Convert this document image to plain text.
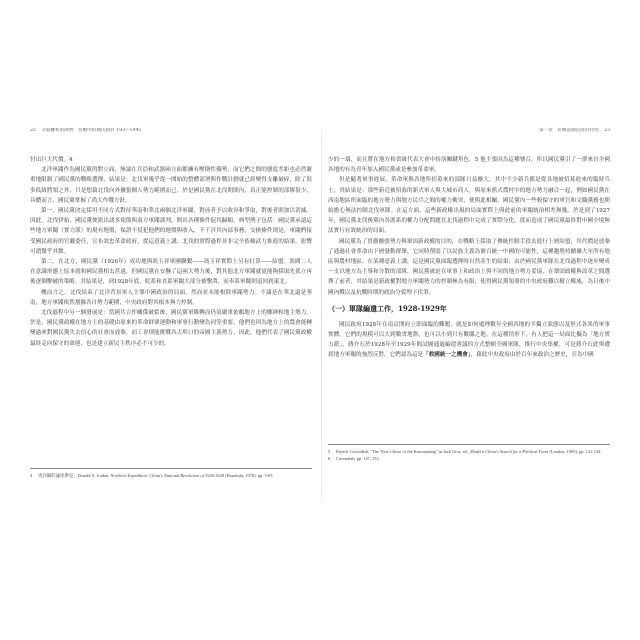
22 分崩離析的陣營：抗戰中的國民政府 1937-1945

付出巨大代價。4

北洋軍閥作為國民黨的對立面，無論在兵員和武器兩方面都擁有壓倒性優勢，而它們之間的態度差距也必然嚴重地限制了國民黨的戰略選擇，結果是：北伐軍幾乎從一開始的整體部署與作戰計劃就已經變得支離破碎，除了很多低級將領之外，只是想藉北伐向外擴張個人勢力範圍而已。於是國民黨在北伐期間內，真正能控制的部隊很少，具體而言，國民黨掌握了尚大作戰方針。

第一，國民黨決定採用不同方式對待華南和華北兩個北洋軍閥，對前者予以收容和爭取，對後者則加以消滅。因此，北伐伊始，國民黨便派出諸多使節與南方軍閥談判，開出各種條件促其歸順，典型例子包括：國民黨承認這些地方軍閥（實力派）的現有地盤，保證不侵犯他們的地盤與收入，不干涉其內部事務，交換條件則是，軍閥們接受國民政府的官職委任，宣布效忠革命政府，從這意義上講，北伐的實際過程並非完全依賴武力推進的結果，影響可謂微乎其微。

第二，在北方，國民黨（1926年）成功地與馮玉祥軍團聯繫——馮玉祥實際上另有打算——結盟。馮閻二人在意識形態上原本就和國民黨相去甚遠，但國民黨在安撫了這兩大勢力後，對其他北方軍閥就更能夠採取先孤立再後逐個擊破的策略。其結果是，到1928年底，皖系和直系軍閥大部分被擊潰，而奉系軍閥則退回到東北。

概而言之，北伐結束了北洋背景軍人主導中國政治的局面，然而並未能根除軍閥勢力。不論是在華北還是華南，地方軍閥依然割據各自勢力範圍，中央政府對其根本無力控制。

北伐過程中另一個發展是：當國共合作關係破裂後，國民黨軍隊轉而仍須嚴重依賴地方上的鄉紳和地主勢力。於是，國民黨政權在地方上的基礎由原來的革命群眾運動和軍事行動變為同等重要，他們也因為地方上的農會能轉變過來對國民黨失去信心的社會而放棄，而工會則能挑戰各大埠口的帝國主義勢力，因此，他們代表了國民黨政權最終走向保守的命運，也是建立新民主秩序必不可少的。

4 更詳細的論述參見：Donald A. Jordan, Northern Expedition: China's National Revolution of 1926-1928 (Honolulu, 1976), pp. 3-65.

第一章　抗戰前國民政府特色 23

少的一環，而且將在地方和省級代表大會中扮演關鍵角色。5 他主張因為這種號召，所以國民黨引了一群來自全國各地的有為青年加入國民黨或是參加革命軍。

但是隨著軍事進展，革命軍與各地所招募來的部隊日益擴大，其中不少新兵都是從各地被招募進來的臨時兵士，其結果是：那些新近被招募的新式軍人與大城市商人，與原來舊式農村中的地方勢力融合一起，例如國民黨在西南地區所面臨的地方勢力與地方民兵之間的權力衝突，便與此相關。國民黨內一些較保守的軍官和文職黨務也開始擔心無法控制北伐軍隊。在這方面，這些新政權出現的局面實際上與此前的軍閥統治相差無幾。於是到了1927年，國民黨北伐後黨內各派系的權力分配問題在北伐過程中完成了實際分化，從而造成了國民黨最終對中國全境無法實行有效統治的局面。

國民黨為了貫徹擴張勢力與鞏固新政權的目的，在戰略上採取了傳統控制手段去進行上層結盟，其代價是放棄了通過社會革命由下層發動群眾，它同時削弱了以民族主義為號召統一中國的可能性，這種趨勢持續擴大至所有地區與農村地區。在某種意義上講，這是國民黨面臨選擇時自然產生的結果；由於國民黨軍隊在北伐過程中逐步變成一支以地方為主導和分散的部隊，國民黨被迫在軍事上和政治上與不同的地方勢力妥協，在鞏固政權與改革之間選擇了前者，其結果是新政權對地方軍閥勢力的控制極為有限，使得國民黨領導的中央政府難以樹立權威，為日後中國內戰以及抗戰時期的政治分裂埋下伏筆。

（一）軍隊編遣工作，1928-1929年

國民政府1928年在南京開府立即面臨的難題，就是如何處理數年全國各地的半獨立狀態以及形式各異的軍事實體。它們的規模可以大到數省地盤，也可以小到只有數縣之地。在這種情形下，有人把這一局面比擬為「地方實力派」，蔣介石於1928年至1929年間試圖通過編遣會議的方式整頓全國軍隊，推行中央集權，可是蔣介石此舉遭到地方軍閥的強烈反對，它們認為這是「救國統一之機會」，藉此中央政府由於百年來政治之歷史，引為中國

5 Patrick Cavendish, "The 'New China' of the Kuomintang" in Jack Gray, ed., Modern China's Search for a Political Form (London, 1969), pp. 141-144.

6 Cavendish, pp. 147, 172.
